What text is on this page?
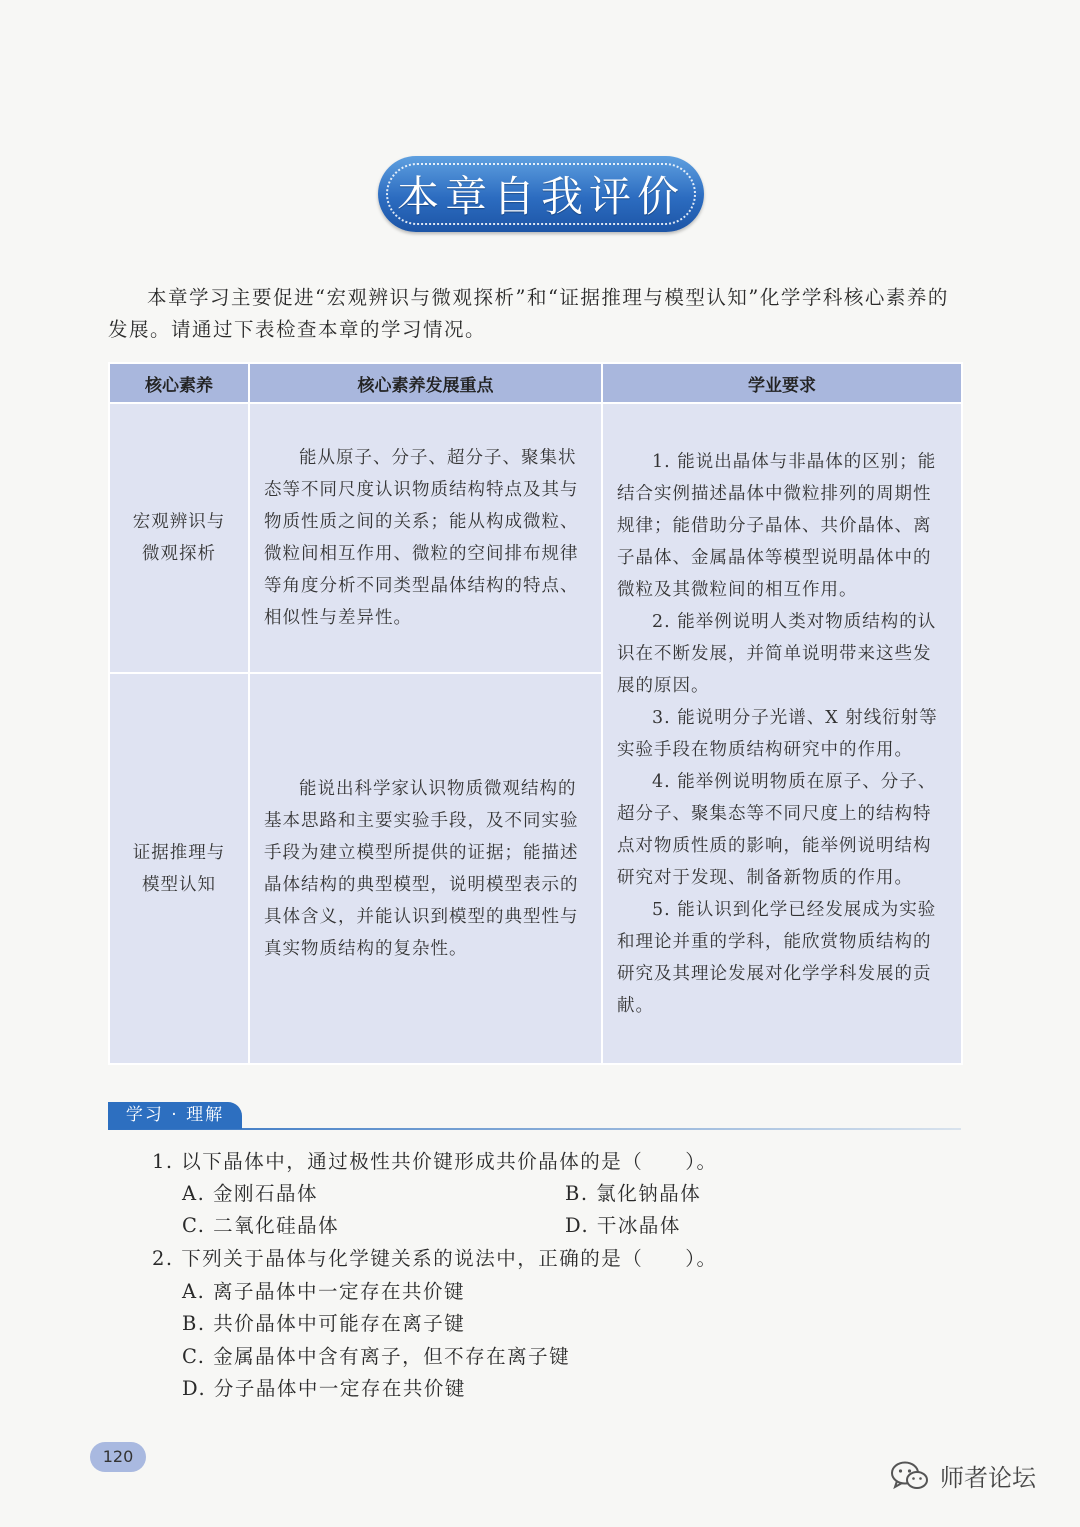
本章自我评价

本章学习主要促进“宏观辨识与微观探析”和“证据推理与模型认知”化学学科核心素养的发展。请通过下表检查本章的学习情况。

核心素养	核心素养发展重点	学业要求

宏观辨识与微观探析	能从原子、分子、超分子、聚集状态等不同尺度认识物质结构特点及其与物质性质之间的关系；能从构成微粒、微粒间相互作用、微粒的空间排布规律等角度分析不同类型晶体结构的特点、相似性与差异性。	1. 能说出晶体与非晶体的区别；能结合实例描述晶体中微粒排列的周期性规律；能借助分子晶体、共价晶体、离子晶体、金属晶体等模型说明晶体中的微粒及其微粒间的相互作用。

2. 能举例说明人类对物质结构的认识在不断发展，并简单说明带来这些发展的原因。

3. 能说明分子光谱、X 射线衍射等实验手段在物质结构研究中的作用。

4. 能举例说明物质在原子、分子、超分子、聚集态等不同尺度上的结构特点对物质性质的影响，能举例说明结构研究对于发现、制备新物质的作用。

5. 能认识到化学已经发展成为实验和理论并重的学科，能欣赏物质结构的研究及其理论发展对化学学科发展的贡献。

证据推理与模型认知	能说出科学家认识物质微观结构的基本思路和主要实验手段，及不同实验手段为建立模型所提供的证据；能描述晶体结构的典型模型，说明模型表示的具体含义，并能认识到模型的典型性与真实物质结构的复杂性。	

学习 · 理解
1. 以下晶体中，通过极性共价键形成共价晶体的是（　　）。
A. 金刚石晶体	B. 氯化钠晶体
C. 二氧化硅晶体	D. 干冰晶体
2. 下列关于晶体与化学键关系的说法中，正确的是（　　）。
A. 离子晶体中一定存在共价键
B. 共价晶体中可能存在离子键
C. 金属晶体中含有离子，但不存在离子键
D. 分子晶体中一定存在共价键
120
师者论坛
